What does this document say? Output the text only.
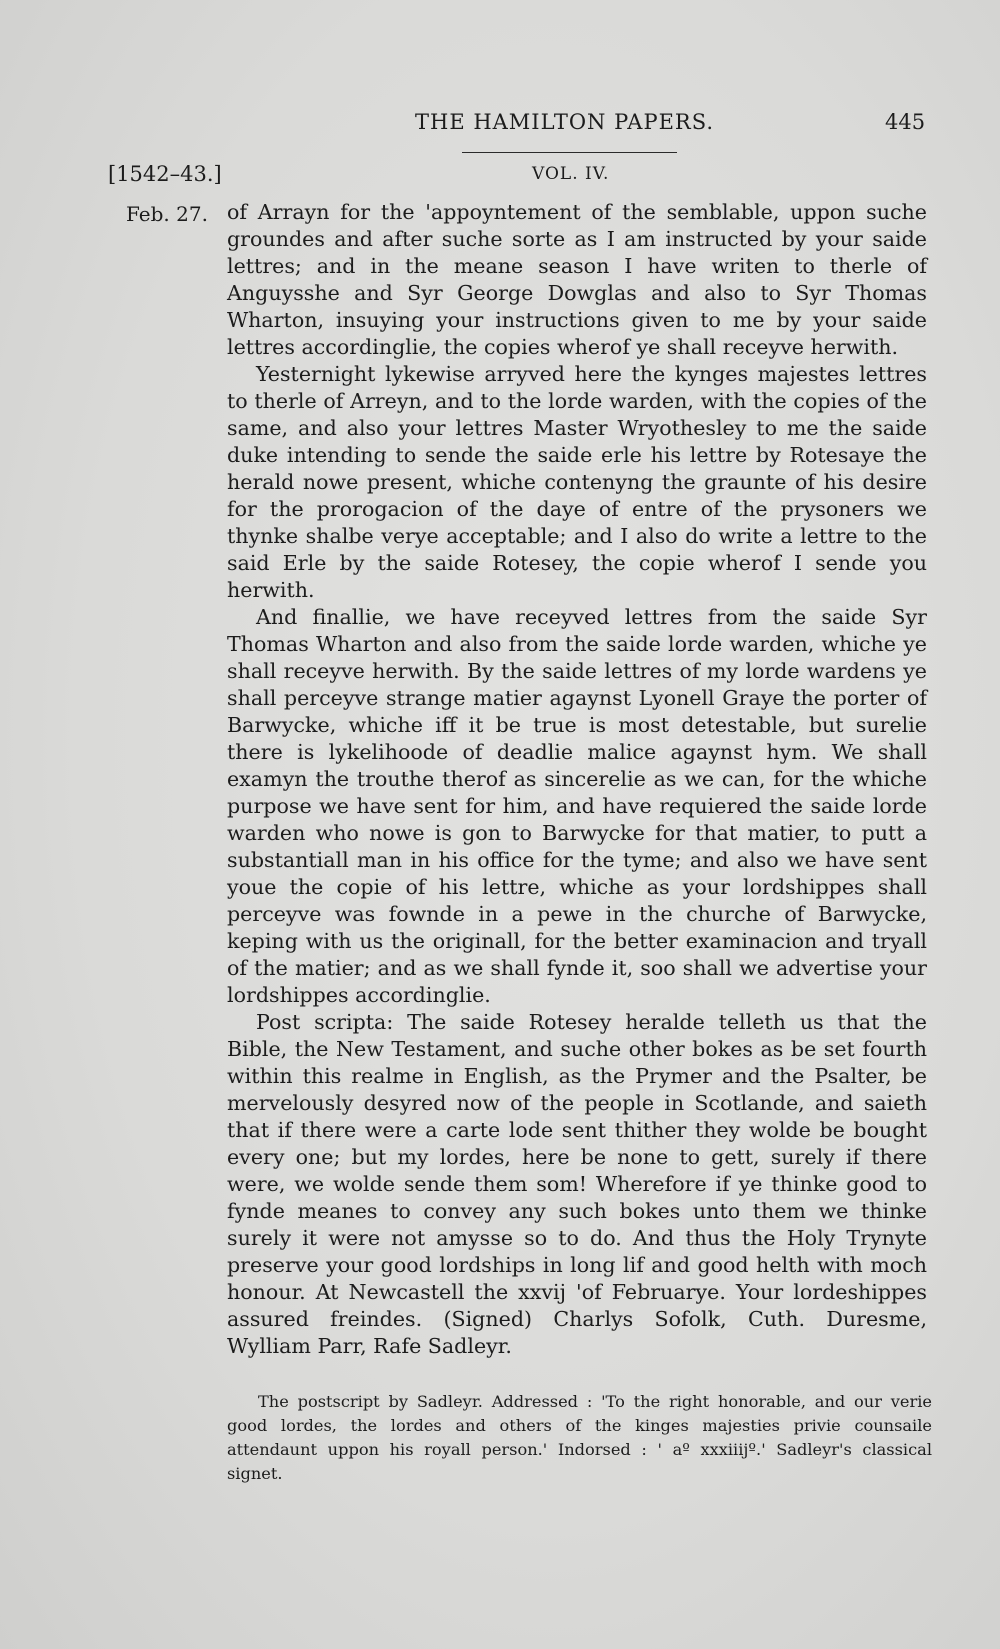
THE HAMILTON PAPERS.	445
[1542–43.]	VOL. IV.
Feb. 27. of Arrayn for the 'appoyntement of the semblable, uppon suche groundes and after suche sorte as I am instructed by your saide lettres; and in the meane season I have writen to therle of Anguysshe and Syr George Dowglas and also to Syr Thomas Wharton, insuying your instructions given to me by your saide lettres accordinglie, the copies wherof ye shall receyve herwith.

Yesternight lykewise arryved here the kynges majestes lettres to therle of Arreyn, and to the lorde warden, with the copies of the same, and also your lettres Master Wryothesley to me the saide duke intending to sende the saide erle his lettre by Rotesaye the herald nowe present, whiche contenyng the graunte of his desire for the prorogacion of the daye of entre of the prysoners we thynke shalbe verye acceptable; and I also do write a lettre to the said Erle by the saide Rotesey, the copie wherof I sende you herwith.

And finallie, we have receyved lettres from the saide Syr Thomas Wharton and also from the saide lorde warden, whiche ye shall receyve herwith. By the saide lettres of my lorde wardens ye shall perceyve strange matier agaynst Lyonell Graye the porter of Barwycke, whiche iff it be true is most detestable, but surelie there is lykelihoode of deadlie malice agaynst hym. We shall examyn the trouthe therof as sincerelie as we can, for the whiche purpose we have sent for him, and have requiered the saide lorde warden who nowe is gon to Barwycke for that matier, to putt a substantiall man in his office for the tyme; and also we have sent youe the copie of his lettre, whiche as your lordshippes shall perceyve was fownde in a pewe in the churche of Barwycke, keping with us the originall, for the better examinacion and tryall of the matier; and as we shall fynde it, soo shall we advertise your lordshippes accordinglie.

Post scripta: The saide Rotesey heralde telleth us that the Bible, the New Testament, and suche other bokes as be set fourth within this realme in English, as the Prymer and the Psalter, be mervelously desyred now of the people in Scotlande, and saieth that if there were a carte lode sent thither they wolde be bought every one; but my lordes, here be none to gett, surely if there were, we wolde sende them som! Wherefore if ye thinke good to fynde meanes to convey any such bokes unto them we thinke surely it were not amysse so to do. And thus the Holy Trynyte preserve your good lordships in long lif and good helth with moch honour. At Newcastell the xxvij 'of Februarye. Your lordeshippes assured freindes. (Signed) Charlys Sofolk, Cuth. Duresme, Wylliam Parr, Rafe Sadleyr.

The postscript by Sadleyr. Addressed : 'To the right honorable, and our verie good lordes, the lordes and others of the kinges majesties privie counsaile attendaunt uppon his royall person.' Indorsed : ' aº xxxiiijº.' Sadleyr's classical signet.
